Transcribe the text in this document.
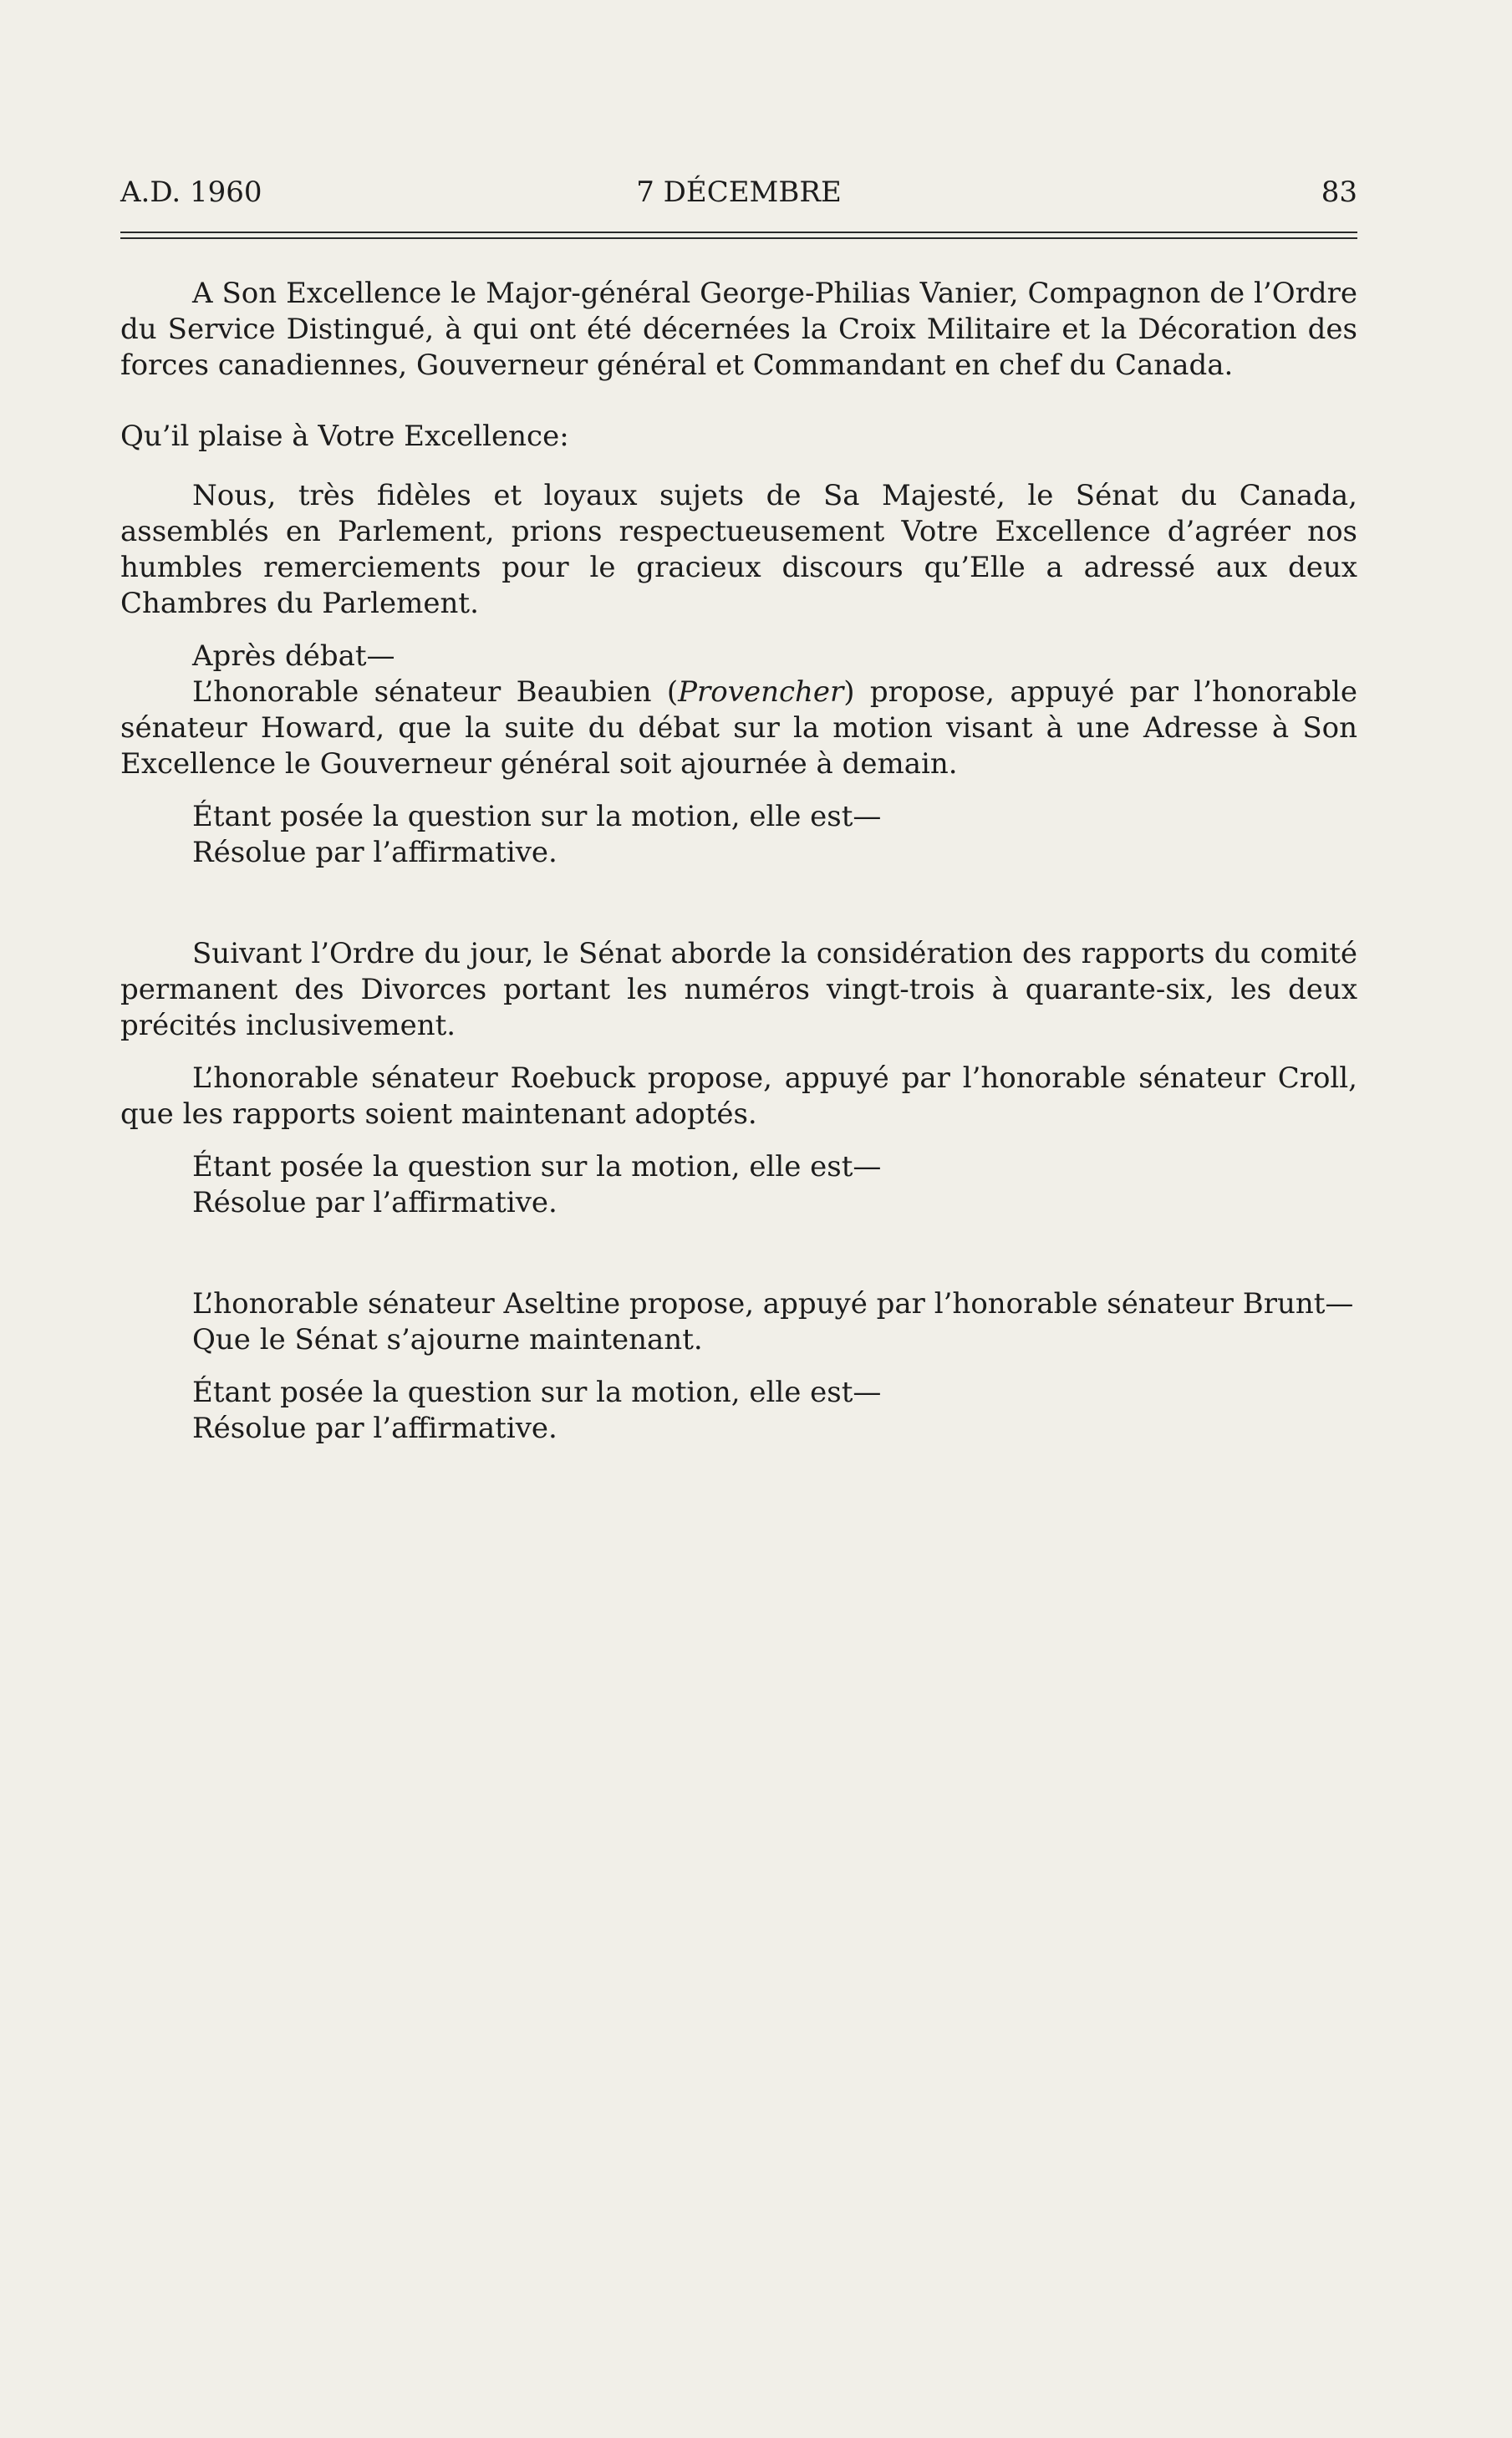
A.D. 1960	7 DÉCEMBRE	83

A Son Excellence le Major-général George-Philias Vanier, Compagnon de l’Ordre du Service Distingué, à qui ont été décernées la Croix Militaire et la Décoration des forces canadiennes, Gouverneur général et Commandant en chef du Canada.

Qu’il plaise à Votre Excellence:

Nous, très fidèles et loyaux sujets de Sa Majesté, le Sénat du Canada, assemblés en Parlement, prions respectueusement Votre Excellence d’agréer nos humbles remerciements pour le gracieux discours qu’Elle a adressé aux deux Chambres du Parlement.

Après débat—

L’honorable sénateur Beaubien (Provencher) propose, appuyé par l’honorable sénateur Howard, que la suite du débat sur la motion visant à une Adresse à Son Excellence le Gouverneur général soit ajournée à demain.

Étant posée la question sur la motion, elle est—

Résolue par l’affirmative.

Suivant l’Ordre du jour, le Sénat aborde la considération des rapports du comité permanent des Divorces portant les numéros vingt-trois à quarante-six, les deux précités inclusivement.

L’honorable sénateur Roebuck propose, appuyé par l’honorable sénateur Croll, que les rapports soient maintenant adoptés.

Étant posée la question sur la motion, elle est—

Résolue par l’affirmative.

L’honorable sénateur Aseltine propose, appuyé par l’honorable sénateur Brunt—

Que le Sénat s’ajourne maintenant.

Étant posée la question sur la motion, elle est—

Résolue par l’affirmative.
